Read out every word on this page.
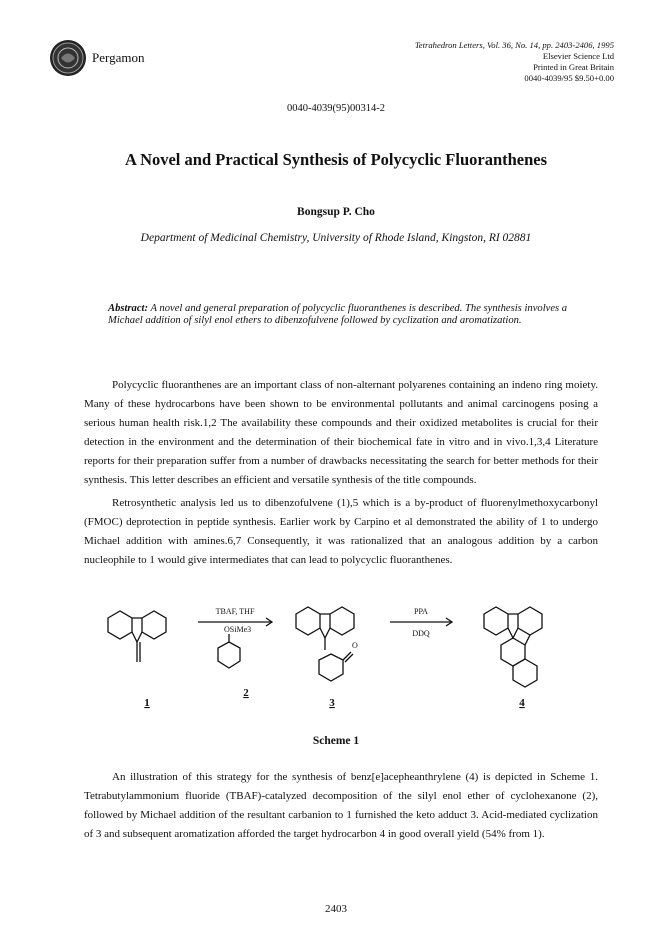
Pergamon
Tetrahedron Letters, Vol. 36, No. 14, pp. 2403-2406, 1995
Elsevier Science Ltd
Printed in Great Britain
0040-4039/95 $9.50+0.00
0040-4039(95)00314-2
A Novel and Practical Synthesis of Polycyclic Fluoranthenes
Bongsup P. Cho
Department of Medicinal Chemistry, University of Rhode Island, Kingston, RI 02881
Abstract: A novel and general preparation of polycyclic fluoranthenes is described. The synthesis involves a Michael addition of silyl enol ethers to dibenzofulvene followed by cyclization and aromatization.
Polycyclic fluoranthenes are an important class of non-alternant polyarenes containing an indeno ring moiety. Many of these hydrocarbons have been shown to be environmental pollutants and animal carcinogens posing a serious human health risk.1,2 The availability these compounds and their oxidized metabolites is crucial for their detection in the environment and the determination of their biochemical fate in vitro and in vivo.1,3,4 Literature reports for their preparation suffer from a number of drawbacks necessitating the search for better methods for their synthesis. This letter describes an efficient and versatile synthesis of the title compounds.
Retrosynthetic analysis led us to dibenzofulvene (1),5 which is a by-product of fluorenylmethoxycarbonyl (FMOC) deprotection in peptide synthesis. Earlier work by Carpino et al demonstrated the ability of 1 to undergo Michael addition with amines.6,7 Consequently, it was rationalized that an analogous addition by a carbon nucleophile to 1 would give intermediates that can lead to polycyclic fluoranthenes.
TBAF, THF
OSiMe3
PPA
DDQ
O
1
2
3	4
Scheme 1
An illustration of this strategy for the synthesis of benz[e]acepheanthrylene (4) is depicted in Scheme 1. Tetrabutylammonium fluoride (TBAF)-catalyzed decomposition of the silyl enol ether of cyclohexanone (2), followed by Michael addition of the resultant carbanion to 1 furnished the keto adduct 3. Acid-mediated cyclization of 3 and subsequent aromatization afforded the target hydrocarbon 4 in good overall yield (54% from 1).
2403
